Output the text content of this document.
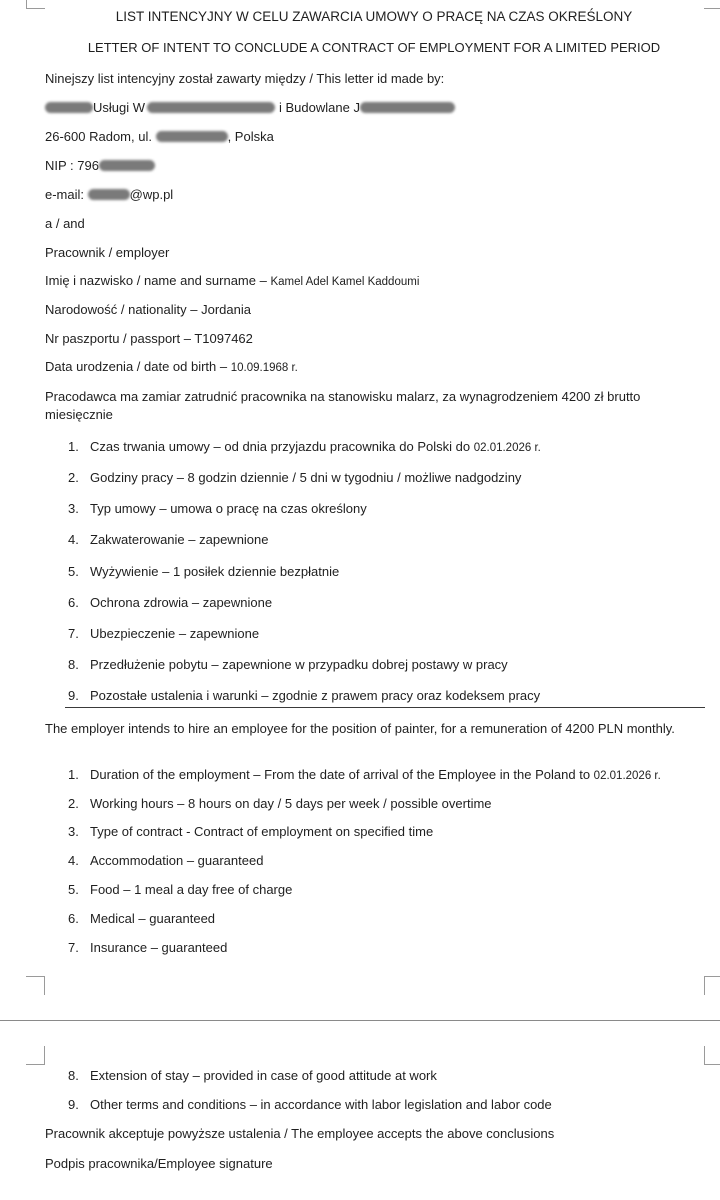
LIST INTENCYJNY W CELU ZAWARCIA UMOWY O PRACĘ NA CZAS OKREŚLONY
LETTER OF INTENT TO CONCLUDE A CONTRACT OF EMPLOYMENT FOR A LIMITED PERIOD
Ninejszy list intencyjny został zawarty między / This letter id made by:
Usługi W	i Budowlane J
26-600 Radom, ul.	, Polska
NIP : 796
e-mail:	@wp.pl
a / and
Pracownik / employer
Imię i nazwisko / name and surname – Kamel Adel Kamel Kaddoumi
Narodowość / nationality – Jordania
Nr paszportu / passport – T1097462
Data urodzenia / date od birth – 10.09.1968 r.
Pracodawca ma zamiar zatrudnić pracownika na stanowisku malarz, za wynagrodzeniem 4200 zł brutto miesięcznie
1. Czas trwania umowy – od dnia przyjazdu pracownika do Polski do 02.01.2026 r.
2. Godziny pracy – 8 godzin dziennie / 5 dni w tygodniu / możliwe nadgodziny
3. Typ umowy – umowa o pracę na czas określony
4. Zakwaterowanie – zapewnione
5. Wyżywienie – 1 posiłek dziennie bezpłatnie
6. Ochrona zdrowia – zapewnione
7. Ubezpieczenie – zapewnione
8. Przedłużenie pobytu – zapewnione w przypadku dobrej postawy w pracy
9. Pozostałe ustalenia i warunki – zgodnie z prawem pracy oraz kodeksem pracy
The employer intends to hire an employee for the position of painter, for a remuneration of 4200 PLN monthly.
1. Duration of the employment – From the date of arrival of the Employee in the Poland to 02.01.2026 r.
2. Working hours – 8 hours on day / 5 days per week / possible overtime
3. Type of contract - Contract of employment on specified time
4. Accommodation – guaranteed
5. Food – 1 meal a day free of charge
6. Medical – guaranteed
7. Insurance – guaranteed
8. Extension of stay – provided in case of good attitude at work
9. Other terms and conditions – in accordance with labor legislation and labor code
Pracownik akceptuje powyższe ustalenia / The employee accepts the above conclusions
Podpis pracownika/Employee signature
